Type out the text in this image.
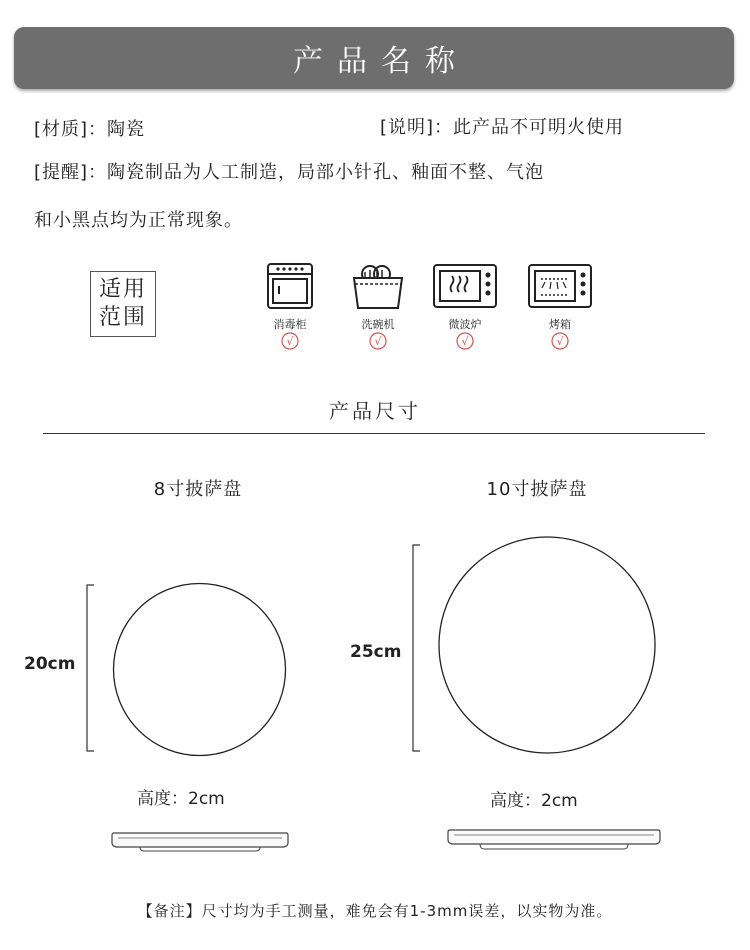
产品名称
[材质]：陶瓷	[说明]：此产品不可明火使用
[提醒]：陶瓷制品为人工制造，局部小针孔、釉面不整、气泡
和小黑点均为正常现象。
适用
范围	消毒柜
√
洗碗机
√
微波炉
√
烤箱
√
产品尺寸
8寸披萨盘
20cm
高度：2cm
10寸披萨盘
25cm
高度：2cm
【备注】尺寸均为手工测量，难免会有1-3mm误差，以实物为准。
